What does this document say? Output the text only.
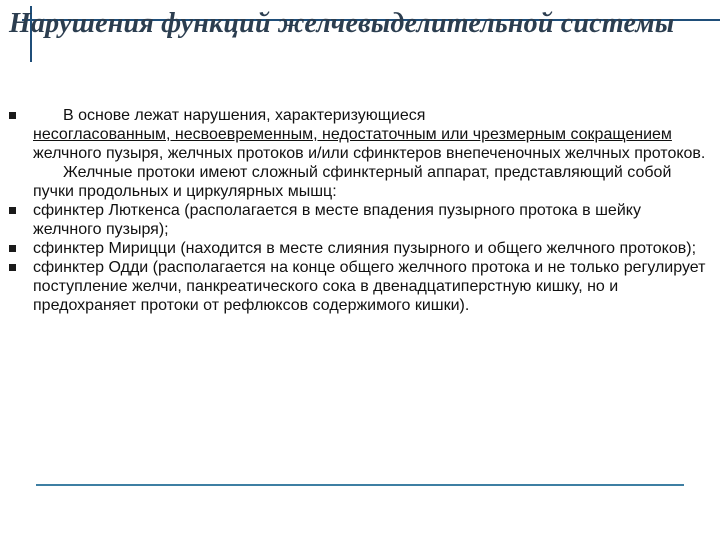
Нарушения функций желчевыделительной системы
В основе лежат нарушения, характеризующиеся
несогласованным, несвоевременным, недостаточным или чрезмерным сокращением желчного пузыря, желчных протоков и/или сфинктеров внепеченочных желчных протоков.
Желчные протоки имеют сложный сфинктерный аппарат, представляющий собой пучки продольных и циркулярных мышц:
сфинктер Люткенса (располагается в месте впадения пузырного протока в шейку желчного пузыря);
сфинктер Мирицци (находится в месте слияния пузырного и общего желчного протоков);
сфинктер Одди (располагается на конце общего желчного протока и не только регулирует поступление желчи, панкреатического сока в двенадцатиперстную кишку, но и предохраняет протоки от рефлюксов содержимого кишки).
